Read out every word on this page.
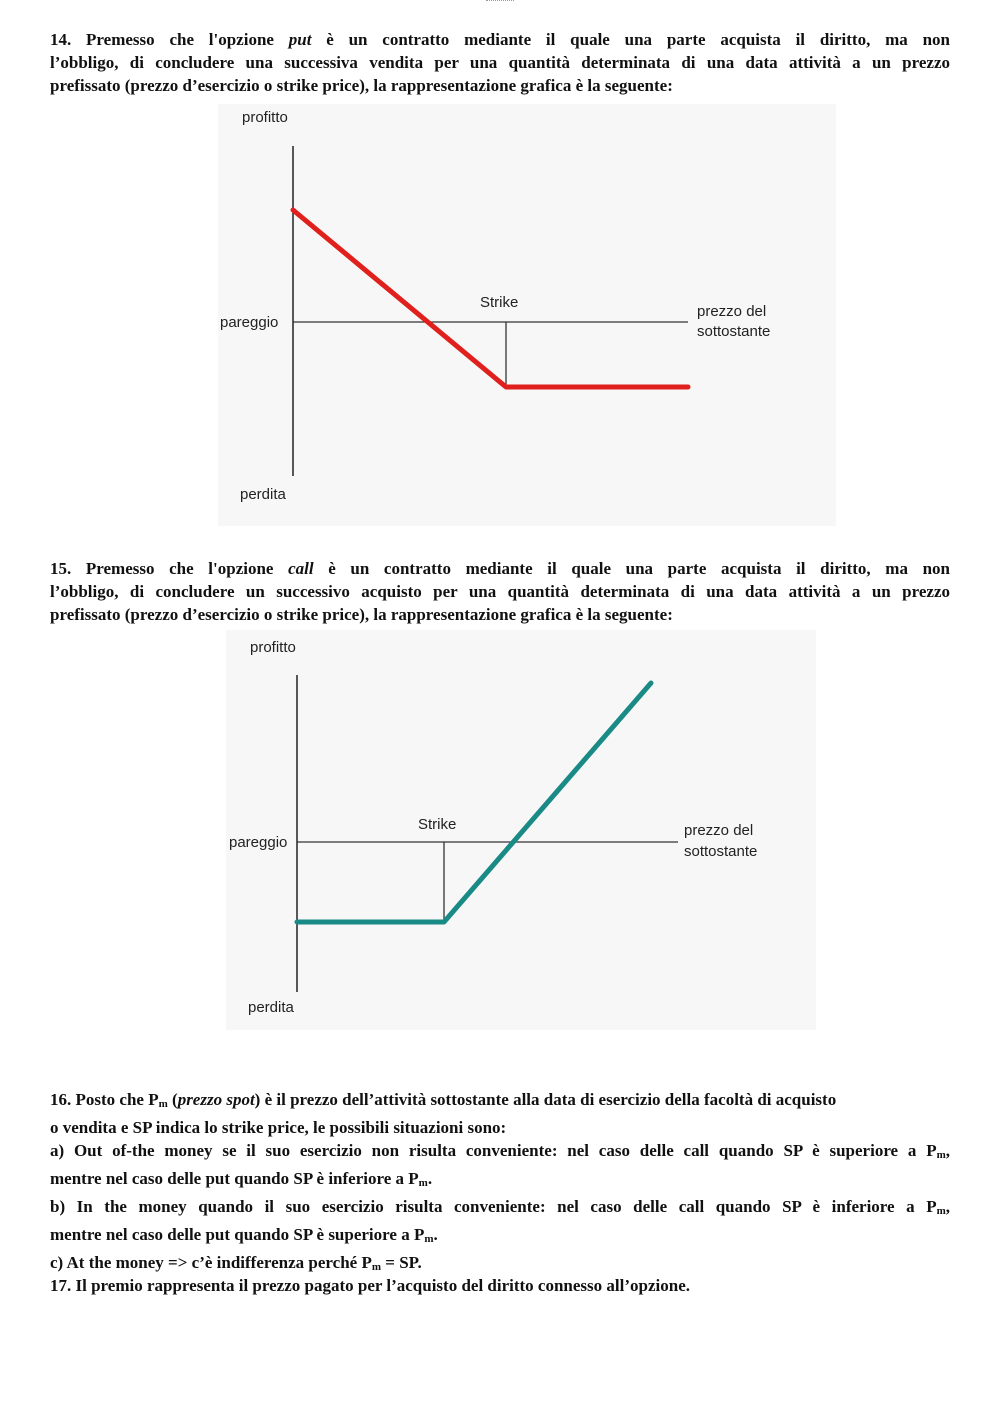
14. Premesso che l'opzione put è un contratto mediante il quale una parte acquista il diritto, ma non
l’obbligo, di concludere una successiva vendita per una quantità determinata di una data attività a un prezzo
prefissato (prezzo d’esercizio o strike price), la rappresentazione grafica è la seguente:
profitto
pareggio
Strike
prezzo del
sottostante
perdita
15. Premesso che l'opzione call è un contratto mediante il quale una parte acquista il diritto, ma non
l’obbligo, di concludere un successivo acquisto per una quantità determinata di una data attività a un prezzo
prefissato (prezzo d’esercizio o strike price), la rappresentazione grafica è la seguente:
profitto
pareggio
Strike	prezzo del
sottostante
perdita
16. Posto che $P_m$ (prezzo spot) è il prezzo dell’attività sottostante alla data di esercizio della facoltà di acquisto
o vendita e SP indica lo strike price, le possibili situazioni sono:
a) Out of-the money se il suo esercizio non risulta conveniente: nel caso delle call quando SP è superiore a $P_m$,
mentre nel caso delle put quando SP è inferiore a $P_m$.
b) In the money quando il suo esercizio risulta conveniente: nel caso delle call quando SP è inferiore a $P_m$,
mentre nel caso delle put quando SP è superiore a $P_m$.
c) At the money => c’è indifferenza perché $P_m$ = SP.
17. Il premio rappresenta il prezzo pagato per l’acquisto del diritto connesso all’opzione.
